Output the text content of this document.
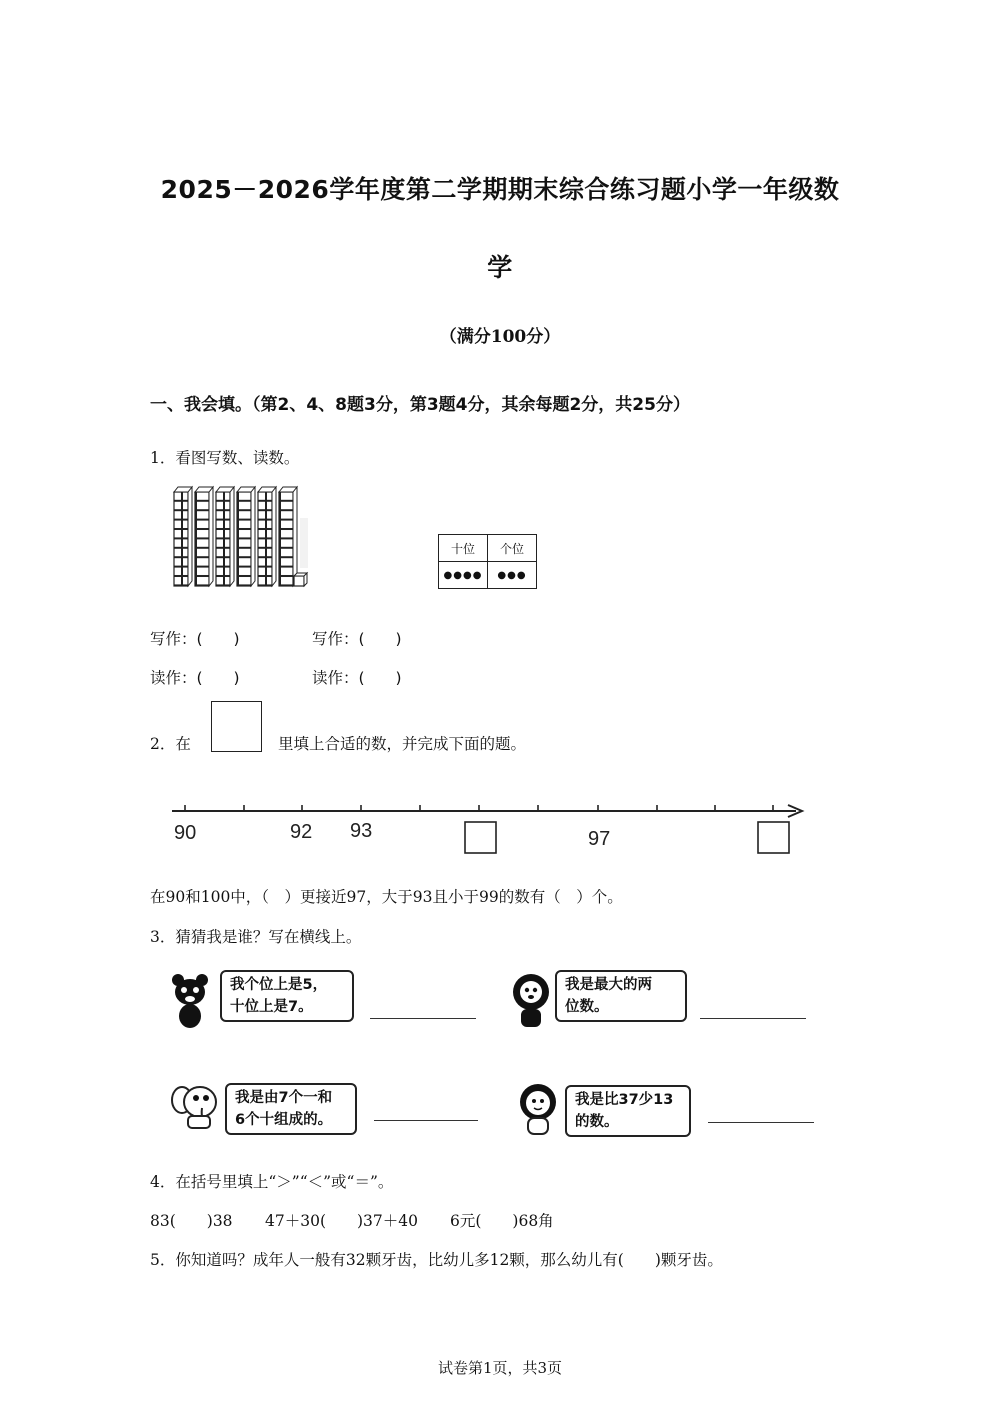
2025－2026学年度第二学期期末综合练习题小学一年级数
学
（满分100分）
一、我会填。（第2、4、8题3分，第3题4分，其余每题2分，共25分）
1．看图写数、读数。
十位	个位
●●●●	●●●
写作：(　　)	写作：(　　)
读作：(　　)	读作：(　　)
2．在	里填上合适的数，并完成下面的题。
90	92 93	97
在90和100中，（　）更接近97，大于93且小于99的数有（　）个。
3．猜猜我是谁？写在横线上。
我个位上是5，
十位上是7。
我是最大的两
位数。
我是由7个一和
6个十组成的。
我是比37少13
的数。
4．在括号里填上“＞”“＜”或“＝”。
83(　　)38 47＋30(　　)37＋40 6元(　　)68角
5．你知道吗？成年人一般有32颗牙齿，比幼儿多12颗，那么幼儿有(　　)颗牙齿。
试卷第1页，共3页
